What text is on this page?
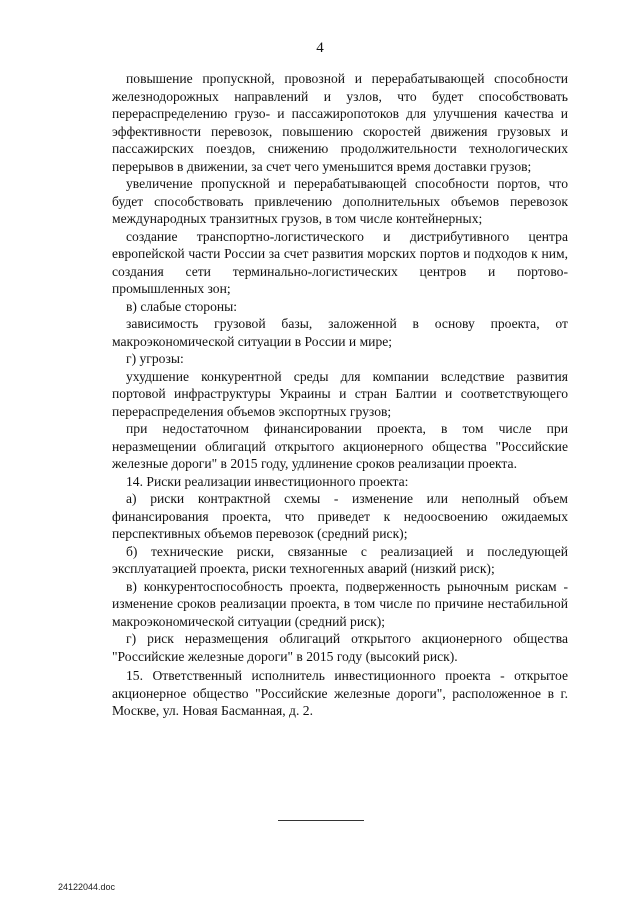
4

повышение пропускной, провозной и перерабатывающей способности железнодорожных направлений и узлов, что будет способствовать перераспределению грузо- и пассажиропотоков для улучшения качества и эффективности перевозок, повышению скоростей движения грузовых и пассажирских поездов, снижению продолжительности технологических перерывов в движении, за счет чего уменьшится время доставки грузов;

увеличение пропускной и перерабатывающей способности портов, что будет способствовать привлечению дополнительных объемов перевозок международных транзитных грузов, в том числе контейнерных;

создание транспортно-логистического и дистрибутивного центра европейской части России за счет развития морских портов и подходов к ним, создания сети терминально-логистических центров и портово-промышленных зон;

в) слабые стороны:

зависимость грузовой базы, заложенной в основу проекта, от макроэкономической ситуации в России и мире;

г) угрозы:

ухудшение конкурентной среды для компании вследствие развития портовой инфраструктуры Украины и стран Балтии и соответствующего перераспределения объемов экспортных грузов;

при недостаточном финансировании проекта, в том числе при неразмещении облигаций открытого акционерного общества "Российские железные дороги" в 2015 году, удлинение сроков реализации проекта.

14. Риски реализации инвестиционного проекта:

а) риски контрактной схемы - изменение или неполный объем финансирования проекта, что приведет к недоосвоению ожидаемых перспективных объемов перевозок (средний риск);

б) технические риски, связанные с реализацией и последующей эксплуатацией проекта, риски техногенных аварий (низкий риск);

в) конкурентоспособность проекта, подверженность рыночным рискам - изменение сроков реализации проекта, в том числе по причине нестабильной макроэкономической ситуации (средний риск);

г) риск неразмещения облигаций открытого акционерного общества "Российские железные дороги" в 2015 году (высокий риск).

15. Ответственный исполнитель инвестиционного проекта - открытое акционерное общество "Российские железные дороги", расположенное в г. Москве, ул. Новая Басманная, д. 2.

24122044.doc
